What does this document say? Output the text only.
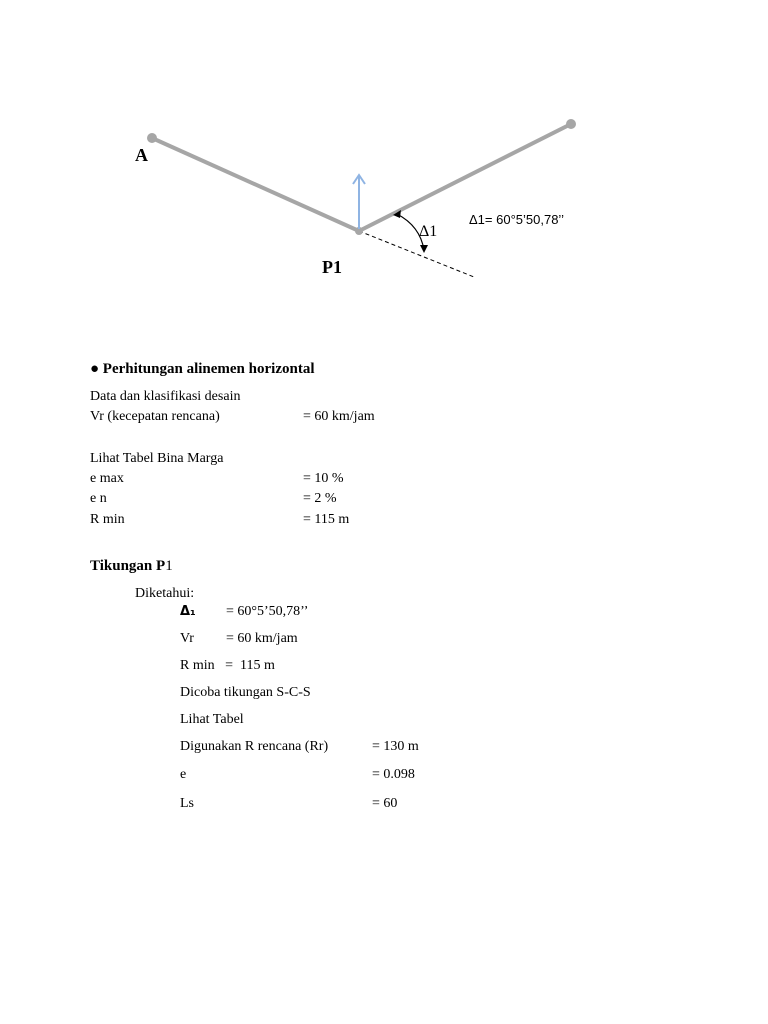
A
P1
Δ1
Δ1= 60°5’50,78’’
● Perhitungan alinemen horizontal
Data dan klasifikasi desain
Vr (kecepatan rencana)	= 60 km/jam
Lihat Tabel Bina Marga
e max	= 10 %
e n	= 2 %
R min	= 115 m
Tikungan P1
Diketahui:
Δ₁ = 60°5’50,78’’
Vr = 60 km/jam
R min   =  115 m
Dicoba tikungan S-C-S
Lihat Tabel
Digunakan R rencana (Rr)	= 130 m
e	= 0.098
Ls	= 60
